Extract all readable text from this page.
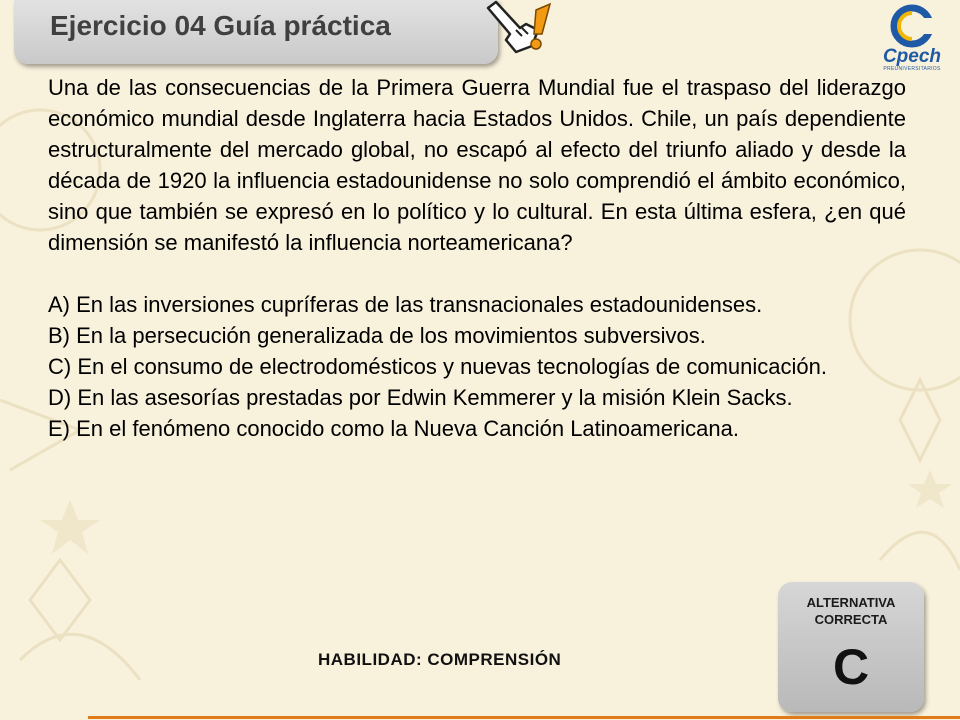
Ejercicio 04 Guía práctica
Cpech
PREUNIVERSITARIOS

Una de las consecuencias de la Primera Guerra Mundial fue el traspaso del liderazgo económico mundial desde Inglaterra hacia Estados Unidos. Chile, un país dependiente estructuralmente del mercado global, no escapó al efecto del triunfo aliado y desde la década de 1920 la influencia estadounidense no solo comprendió el ámbito económico, sino que también se expresó en lo político y lo cultural. En esta última esfera, ¿en qué dimensión se manifestó la influencia norteamericana?

A) En las inversiones cupríferas de las transnacionales estadounidenses.

B) En la persecución generalizada de los movimientos subversivos.

C) En el consumo de electrodomésticos y nuevas tecnologías de comunicación.

D) En las asesorías prestadas por Edwin Kemmerer y la misión Klein Sacks.

E) En el fenómeno conocido como la Nueva Canción Latinoamericana.

ALTERNATIVA
CORRECTA
C
HABILIDAD: COMPRENSIÓN
